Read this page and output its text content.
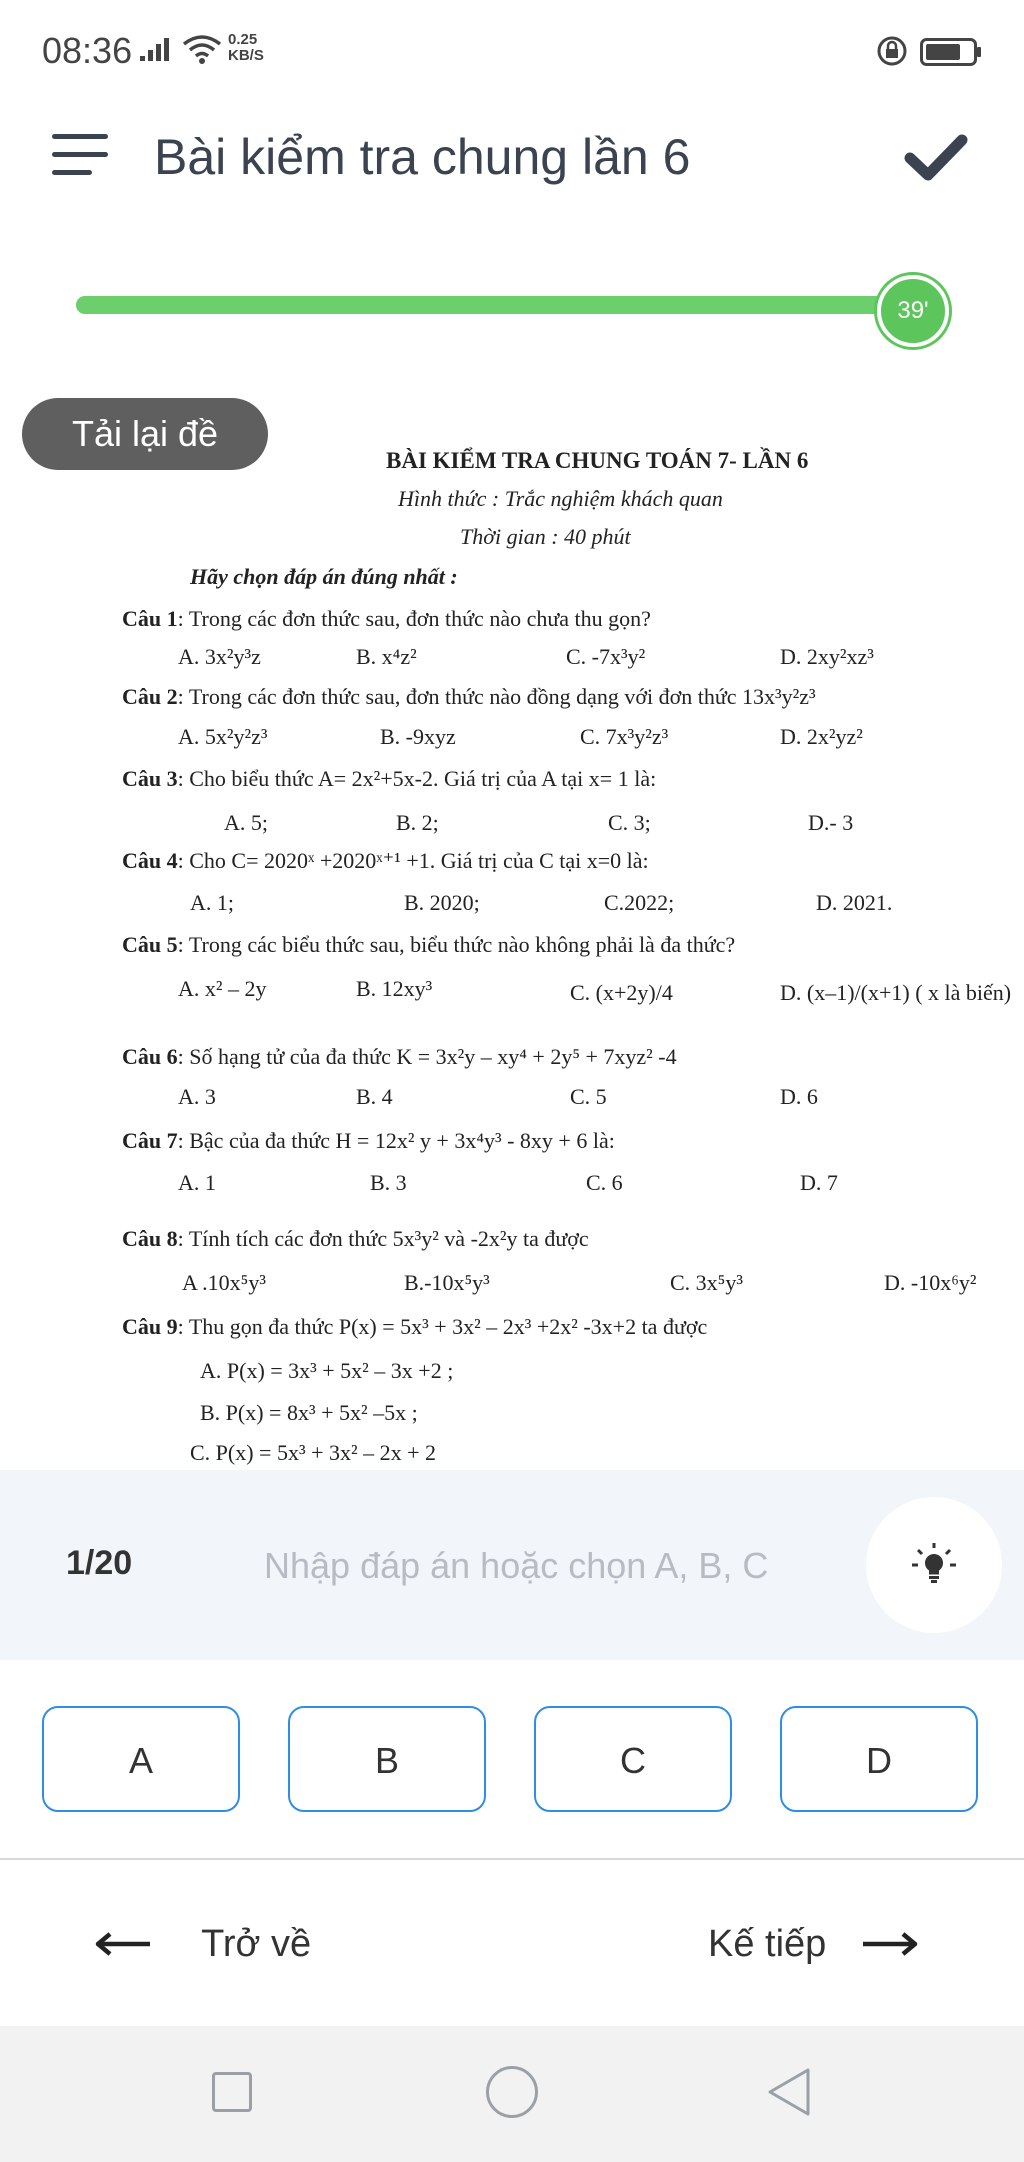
08:36	0.25
KB/S
Bài kiểm tra chung lần 6
39'
Tải lại đề
BÀI KIỂM TRA CHUNG TOÁN 7- LẦN 6
Hình thức : Trắc nghiệm khách quan
Thời gian : 40 phút
Hãy chọn đáp án đúng nhất :
Câu 1: Trong các đơn thức sau, đơn thức nào chưa thu gọn?
A. 3x²y³z	B. x⁴z²	C. -7x³y²	D. 2xy²xz³
Câu 2: Trong các đơn thức sau, đơn thức nào đồng dạng với đơn thức 13x³y²z³
A. 5x²y²z³	B. -9xyz	C. 7x³y²z³	D. 2x²yz²
Câu 3: Cho biểu thức A= 2x²+5x-2. Giá trị của A tại x= 1 là:
A. 5;	B. 2;	C. 3;	D.- 3
Câu 4: Cho C= 2020ˣ +2020ˣ⁺¹ +1. Giá trị của C tại x=0 là:
A. 1;	B. 2020;	C.2022;	D. 2021.
Câu 5: Trong các biểu thức sau, biểu thức nào không phải là đa thức?
A. x² – 2y	B. 12xy³	C. (x+2y)/4	D. (x–1)/(x+1) ( x là biến)
Câu 6: Số hạng tử của đa thức K = 3x²y – xy⁴ + 2y⁵ + 7xyz² -4
A. 3	B. 4	C. 5	D. 6
Câu 7: Bậc của đa thức H = 12x² y + 3x⁴y³ - 8xy + 6 là:
A. 1	B. 3	C. 6	D. 7
Câu 8: Tính tích các đơn thức 5x³y² và -2x²y ta được
A .10x⁵y³	B.-10x⁵y³	C. 3x⁵y³	D. -10x⁶y²
Câu 9: Thu gọn đa thức P(x) = 5x³ + 3x² – 2x³ +2x² -3x+2 ta được
A. P(x) = 3x³ + 5x² – 3x +2 ;
B. P(x) = 8x³ + 5x² –5x ;
C. P(x) = 5x³ + 3x² – 2x + 2
1/20
Nhập đáp án hoặc chọn A, B, C
A	B	C	D
Trở về	Kế tiếp
